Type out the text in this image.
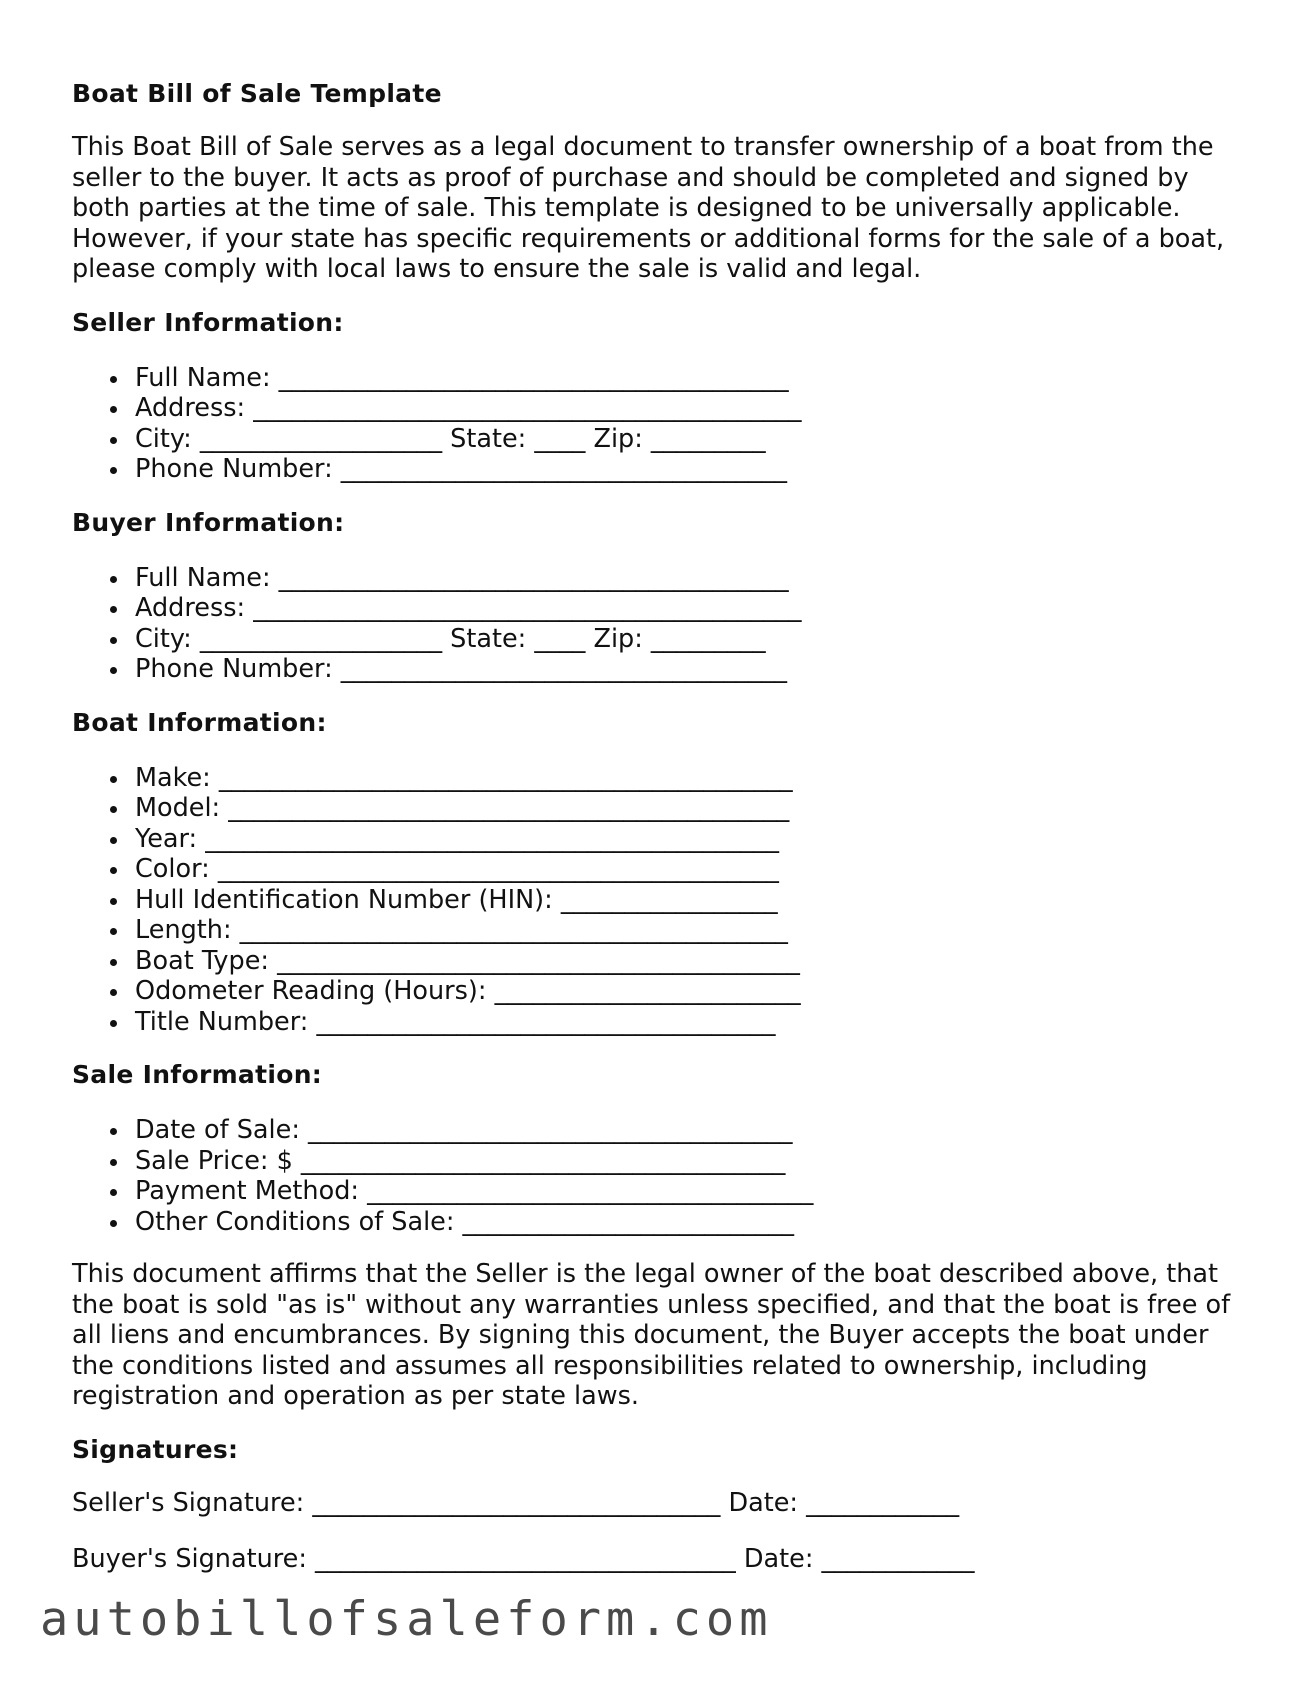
Boat Bill of Sale Template

This Boat Bill of Sale serves as a legal document to transfer ownership of a boat from the seller to the buyer. It acts as proof of purchase and should be completed and signed by both parties at the time of sale. This template is designed to be universally applicable. However, if your state has specific requirements or additional forms for the sale of a boat, please comply with local laws to ensure the sale is valid and legal.

Seller Information:
Full Name: ________________________________________
Address: ___________________________________________
City: ___________________ State: ____ Zip: _________
Phone Number: ___________________________________
Buyer Information:
Full Name: ________________________________________
Address: ___________________________________________
City: ___________________ State: ____ Zip: _________
Phone Number: ___________________________________
Boat Information:
Make: _____________________________________________
Model: ____________________________________________
Year: _____________________________________________
Color: ____________________________________________
Hull Identification Number (HIN): _________________
Length: ___________________________________________
Boat Type: _________________________________________
Odometer Reading (Hours): ________________________
Title Number: ____________________________________
Sale Information:
Date of Sale: ______________________________________
Sale Price: $ ______________________________________
Payment Method: ___________________________________
Other Conditions of Sale: __________________________

This document affirms that the Seller is the legal owner of the boat described above, that the boat is sold "as is" without any warranties unless specified, and that the boat is free of all liens and encumbrances. By signing this document, the Buyer accepts the boat under the conditions listed and assumes all responsibilities related to ownership, including registration and operation as per state laws.

Signatures:
Seller's Signature: ________________________________ Date: ____________
Buyer's Signature: _________________________________ Date: ____________
autobillofsaleform.com
